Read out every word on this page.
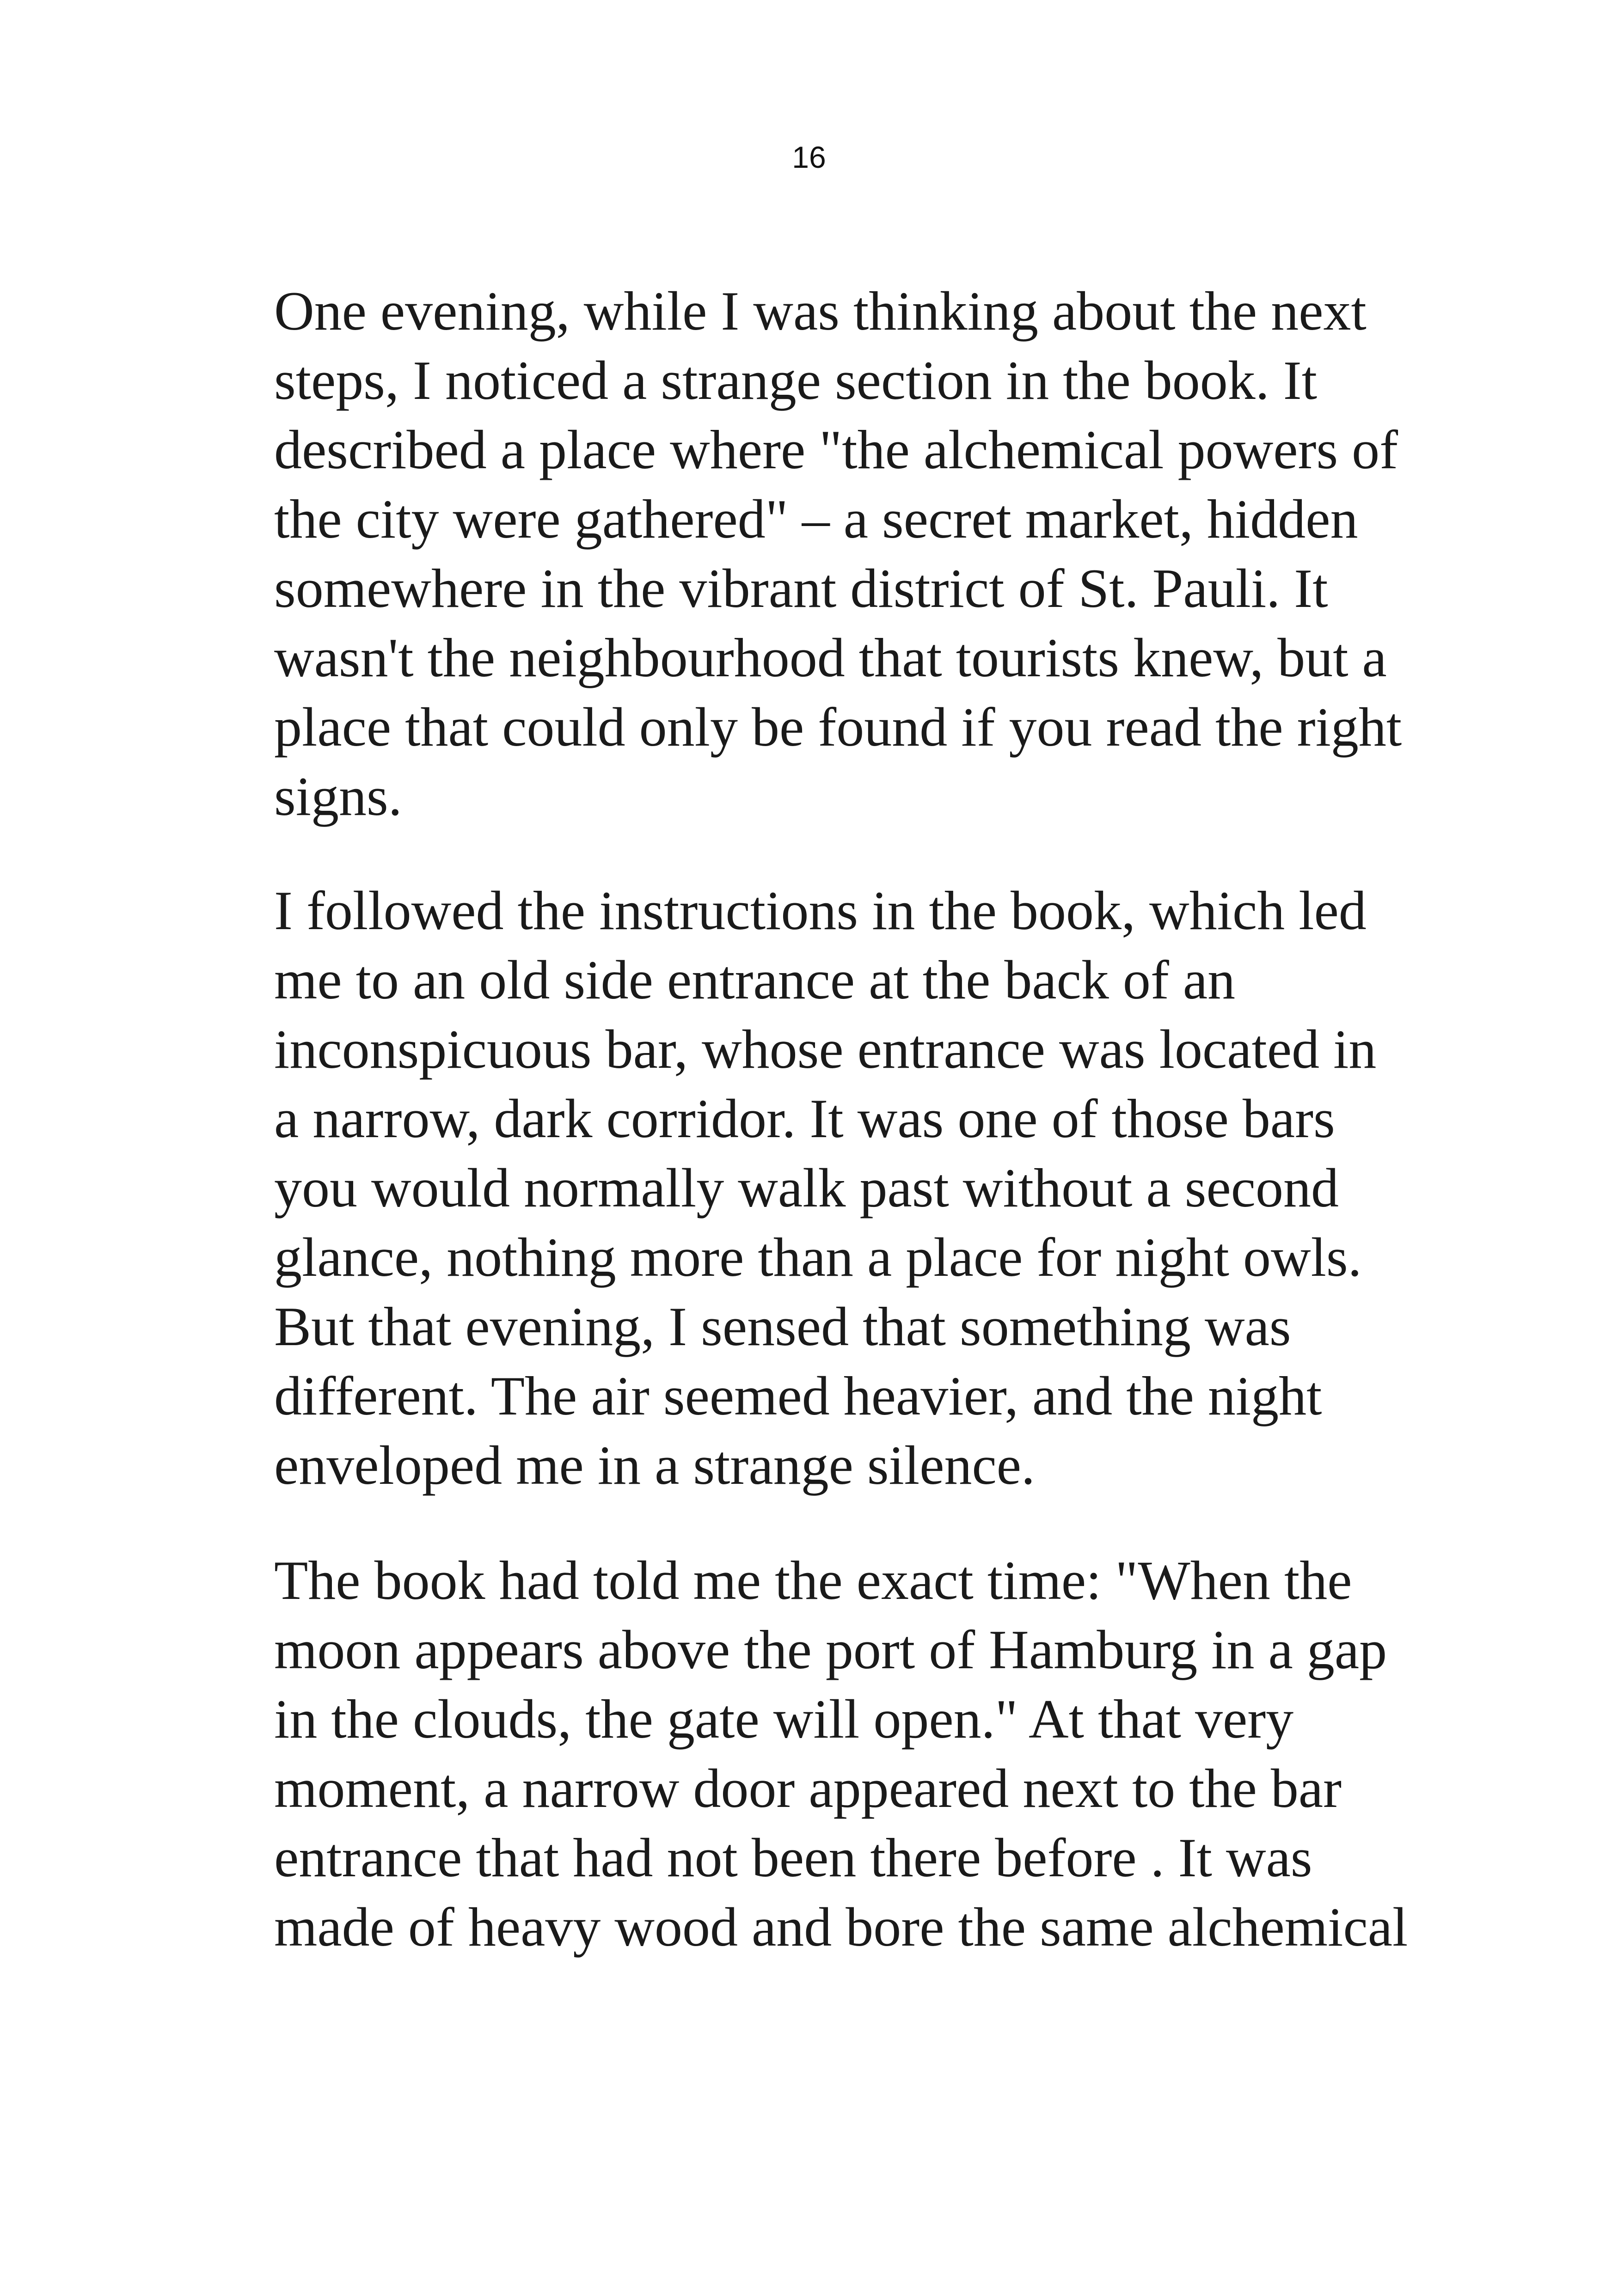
16
One evening, while I was thinking about the next
steps, I noticed a strange section in the book. It
described a place where "the alchemical powers of
the city were gathered" – a secret market, hidden
somewhere in the vibrant district of St. Pauli. It
wasn't the neighbourhood that tourists knew, but a
place that could only be found if you read the right
signs.
I followed the instructions in the book, which led
me to an old side entrance at the back of an
inconspicuous bar, whose entrance was located in
a narrow, dark corridor. It was one of those bars
you would normally walk past without a second
glance, nothing more than a place for night owls.
But that evening, I sensed that something was
different. The air seemed heavier, and the night
enveloped me in a strange silence.
The book had told me the exact time: "When the
moon appears above the port of Hamburg in a gap
in the clouds, the gate will open." At that very
moment, a narrow door appeared next to the bar
entrance that had not been there before . It was
made of heavy wood and bore the same alchemical
